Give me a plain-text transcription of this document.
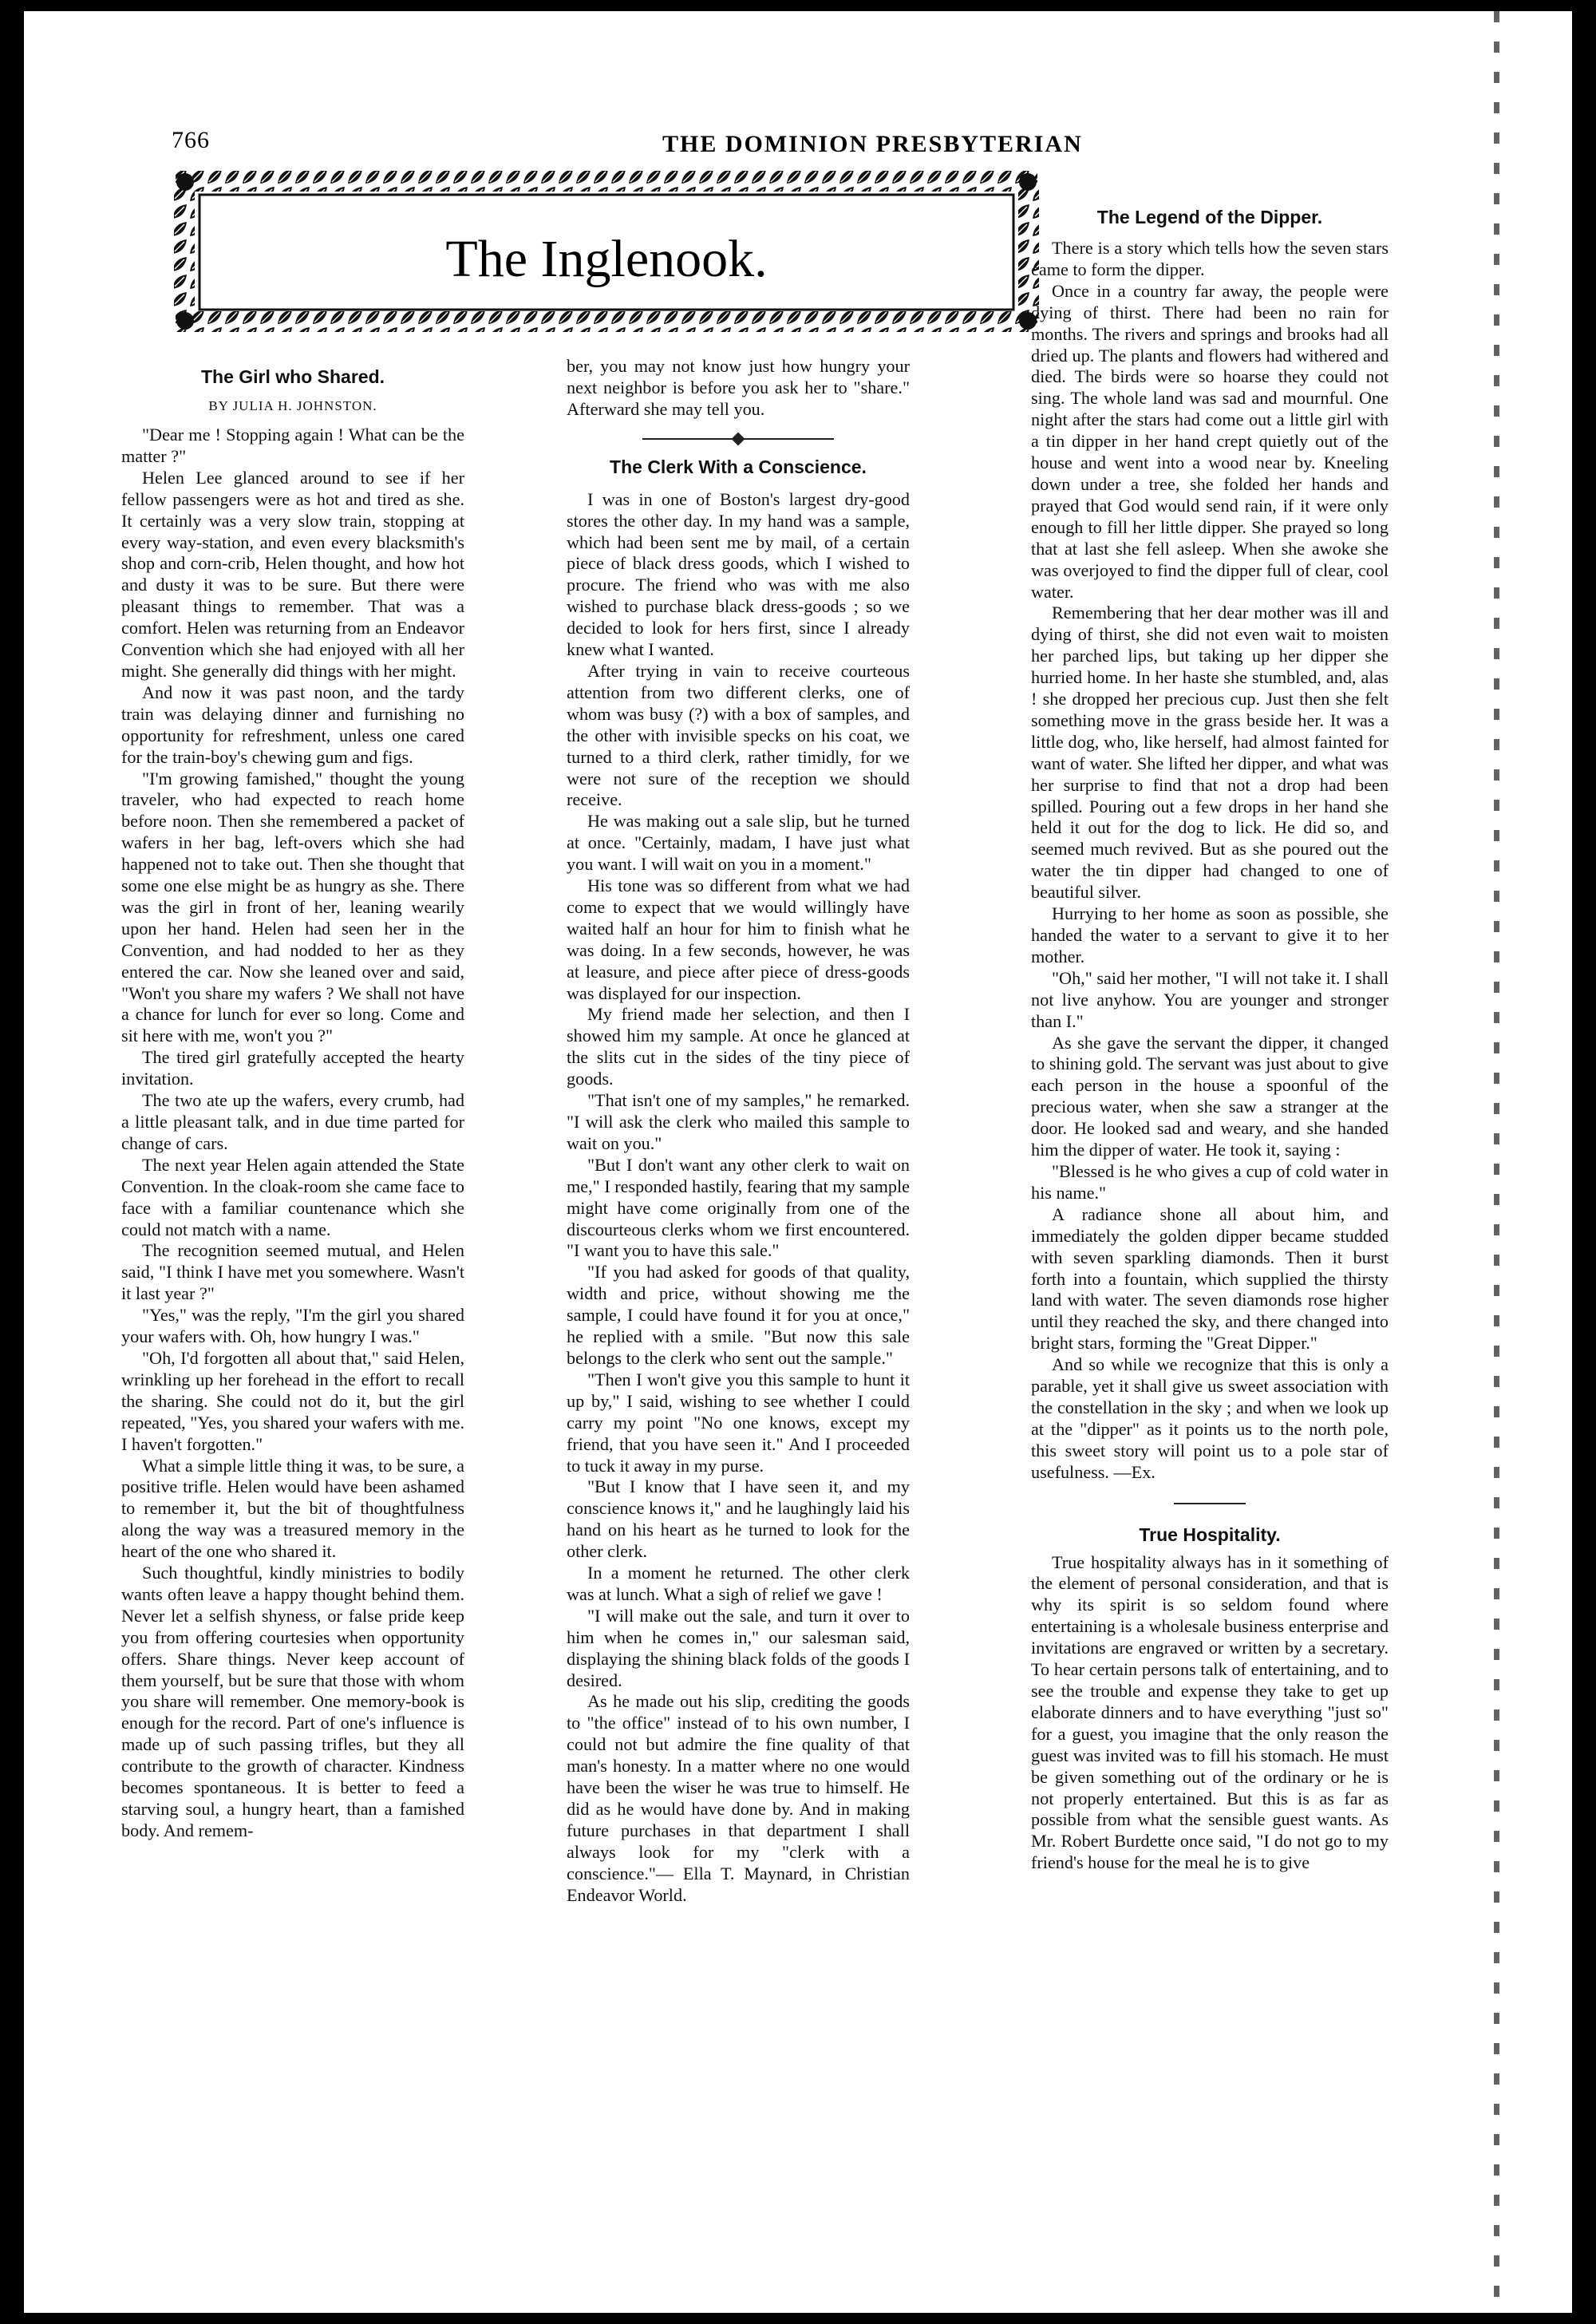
766	THE DOMINION PRESBYTERIAN
The Inglenook.
The Girl who Shared.
BY JULIA H. JOHNSTON.

"Dear me ! Stopping again ! What can be the matter ?"

Helen Lee glanced around to see if her fellow passengers were as hot and tired as she. It certainly was a very slow train, stopping at every way-station, and even every blacksmith's shop and corn-crib, Helen thought, and how hot and dusty it was to be sure. But there were pleasant things to remember. That was a comfort. Helen was returning from an Endeavor Convention which she had enjoyed with all her might. She generally did things with her might.

And now it was past noon, and the tardy train was delaying dinner and furnishing no opportunity for refreshment, unless one cared for the train-boy's chewing gum and figs.

"I'm growing famished," thought the young traveler, who had expected to reach home before noon. Then she remembered a packet of wafers in her bag, left-overs which she had happened not to take out. Then she thought that some one else might be as hungry as she. There was the girl in front of her, leaning wearily upon her hand. Helen had seen her in the Convention, and had nodded to her as they entered the car. Now she leaned over and said, "Won't you share my wafers ? We shall not have a chance for lunch for ever so long. Come and sit here with me, won't you ?"

The tired girl gratefully accepted the hearty invitation.

The two ate up the wafers, every crumb, had a little pleasant talk, and in due time parted for change of cars.

The next year Helen again attended the State Convention. In the cloak-room she came face to face with a familiar countenance which she could not match with a name.

The recognition seemed mutual, and Helen said, "I think I have met you somewhere. Wasn't it last year ?"

"Yes," was the reply, "I'm the girl you shared your wafers with. Oh, how hungry I was."

"Oh, I'd forgotten all about that," said Helen, wrinkling up her forehead in the effort to recall the sharing. She could not do it, but the girl repeated, "Yes, you shared your wafers with me. I haven't forgotten."

What a simple little thing it was, to be sure, a positive trifle. Helen would have been ashamed to remember it, but the bit of thoughtfulness along the way was a treasured memory in the heart of the one who shared it.

Such thoughtful, kindly ministries to bodily wants often leave a happy thought behind them. Never let a selfish shyness, or false pride keep you from offering courtesies when opportunity offers. Share things. Never keep account of them yourself, but be sure that those with whom you share will remember. One memory-book is enough for the record. Part of one's influence is made up of such passing trifles, but they all contribute to the growth of character. Kindness becomes spontaneous. It is better to feed a starving soul, a hungry heart, than a famished body. And remem-

ber, you may not know just how hungry your next neighbor is before you ask her to "share." Afterward she may tell you.

The Clerk With a Conscience.

I was in one of Boston's largest dry-good stores the other day. In my hand was a sample, which had been sent me by mail, of a certain piece of black dress goods, which I wished to procure. The friend who was with me also wished to purchase black dress-goods ; so we decided to look for hers first, since I already knew what I wanted.

After trying in vain to receive courteous attention from two different clerks, one of whom was busy (?) with a box of samples, and the other with invisible specks on his coat, we turned to a third clerk, rather timidly, for we were not sure of the reception we should receive.

He was making out a sale slip, but he turned at once. "Certainly, madam, I have just what you want. I will wait on you in a moment."

His tone was so different from what we had come to expect that we would willingly have waited half an hour for him to finish what he was doing. In a few seconds, however, he was at leasure, and piece after piece of dress-goods was displayed for our inspection.

My friend made her selection, and then I showed him my sample. At once he glanced at the slits cut in the sides of the tiny piece of goods.

"That isn't one of my samples," he remarked. "I will ask the clerk who mailed this sample to wait on you."

"But I don't want any other clerk to wait on me," I responded hastily, fearing that my sample might have come originally from one of the discourteous clerks whom we first encountered. "I want you to have this sale."

"If you had asked for goods of that quality, width and price, without showing me the sample, I could have found it for you at once," he replied with a smile. "But now this sale belongs to the clerk who sent out the sample."

"Then I won't give you this sample to hunt it up by," I said, wishing to see whether I could carry my point "No one knows, except my friend, that you have seen it." And I proceeded to tuck it away in my purse.

"But I know that I have seen it, and my conscience knows it," and he laughingly laid his hand on his heart as he turned to look for the other clerk.

In a moment he returned. The other clerk was at lunch. What a sigh of relief we gave !

"I will make out the sale, and turn it over to him when he comes in," our salesman said, displaying the shining black folds of the goods I desired.

As he made out his slip, crediting the goods to "the office" instead of to his own number, I could not but admire the fine quality of that man's honesty. In a matter where no one would have been the wiser he was true to himself. He did as he would have done by. And in making future purchases in that department I shall always look for my "clerk with a conscience."— Ella T. Maynard, in Christian Endeavor World.

The Legend of the Dipper.

There is a story which tells how the seven stars came to form the dipper.

Once in a country far away, the people were dying of thirst. There had been no rain for months. The rivers and springs and brooks had all dried up. The plants and flowers had withered and died. The birds were so hoarse they could not sing. The whole land was sad and mournful. One night after the stars had come out a little girl with a tin dipper in her hand crept quietly out of the house and went into a wood near by. Kneeling down under a tree, she folded her hands and prayed that God would send rain, if it were only enough to fill her little dipper. She prayed so long that at last she fell asleep. When she awoke she was overjoyed to find the dipper full of clear, cool water.

Remembering that her dear mother was ill and dying of thirst, she did not even wait to moisten her parched lips, but taking up her dipper she hurried home. In her haste she stumbled, and, alas ! she dropped her precious cup. Just then she felt something move in the grass beside her. It was a little dog, who, like herself, had almost fainted for want of water. She lifted her dipper, and what was her surprise to find that not a drop had been spilled. Pouring out a few drops in her hand she held it out for the dog to lick. He did so, and seemed much revived. But as she poured out the water the tin dipper had changed to one of beautiful silver.

Hurrying to her home as soon as possible, she handed the water to a servant to give it to her mother.

"Oh," said her mother, "I will not take it. I shall not live anyhow. You are younger and stronger than I."

As she gave the servant the dipper, it changed to shining gold. The servant was just about to give each person in the house a spoonful of the precious water, when she saw a stranger at the door. He looked sad and weary, and she handed him the dipper of water. He took it, saying :

"Blessed is he who gives a cup of cold water in his name."

A radiance shone all about him, and immediately the golden dipper became studded with seven sparkling diamonds. Then it burst forth into a fountain, which supplied the thirsty land with water. The seven diamonds rose higher until they reached the sky, and there changed into bright stars, forming the "Great Dipper."

And so while we recognize that this is only a parable, yet it shall give us sweet association with the constellation in the sky ; and when we look up at the "dipper" as it points us to the north pole, this sweet story will point us to a pole star of usefulness. —Ex.

True Hospitality.

True hospitality always has in it something of the element of personal consideration, and that is why its spirit is so seldom found where entertaining is a wholesale business enterprise and invitations are engraved or written by a secretary. To hear certain persons talk of entertaining, and to see the trouble and expense they take to get up elaborate dinners and to have everything "just so" for a guest, you imagine that the only reason the guest was invited was to fill his stomach. He must be given something out of the ordinary or he is not properly entertained. But this is as far as possible from what the sensible guest wants. As Mr. Robert Burdette once said, "I do not go to my friend's house for the meal he is to give
